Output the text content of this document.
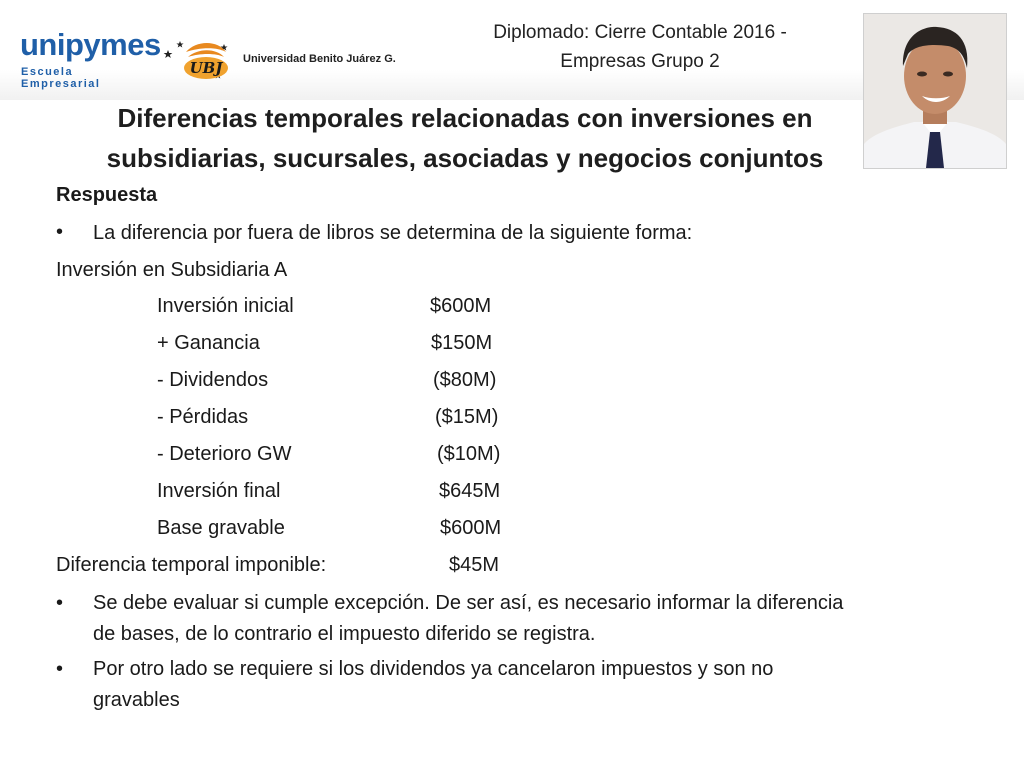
unipymes
Escuela Empresarial
UBJ Universidad Benito Juárez G.
Diplomado: Cierre Contable 2016 -
Empresas Grupo 2
Diferencias temporales relacionadas con inversiones en
subsidiarias, sucursales, asociadas y negocios conjuntos
Respuesta
•	La diferencia por fuera de libros se determina de la siguiente forma:
Inversión en Subsidiaria A
Inversión inicial	$600M
+ Ganancia	$150M
- Dividendos	($80M)
- Pérdidas	($15M)
- Deterioro GW	($10M)
Inversión final	$645M
Base gravable	$600M
Diferencia temporal imponible:	$45M
•	Se debe evaluar si cumple excepción. De ser así, es necesario informar la diferencia
de bases, de lo contrario el impuesto diferido se registra.
•	Por otro lado se requiere si los dividendos ya cancelaron impuestos y son no
gravables
